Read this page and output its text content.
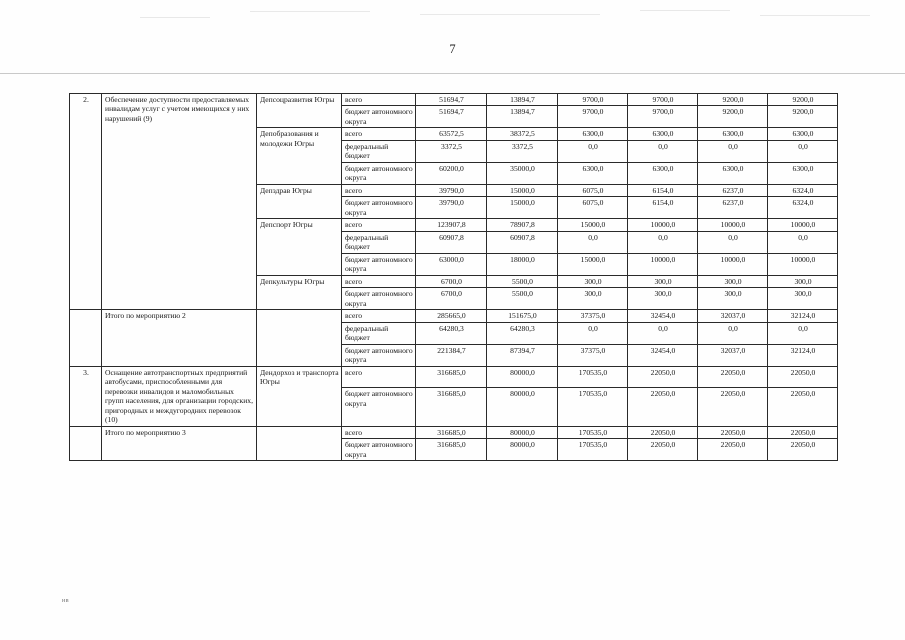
7
2.	Обеспечение доступности предоставляемых инвалидам услуг с учетом имеющихся у них нарушений (9)	Депсоцразвития Югры	всего	51694,7	13894,7	9700,0	9700,0	9200,0	9200,0
			бюджет автономного округа	51694,7	13894,7	9700,0	9700,0	9200,0	9200,0
		Депобразования и молодежи Югры	всего	63572,5	38372,5	6300,0	6300,0	6300,0	6300,0
			федеральный бюджет	3372,5	3372,5	0,0	0,0	0,0	0,0
			бюджет автономного округа	60200,0	35000,0	6300,0	6300,0	6300,0	6300,0
		Депздрав Югры	всего	39790,0	15000,0	6075,0	6154,0	6237,0	6324,0
			бюджет автономного округа	39790,0	15000,0	6075,0	6154,0	6237,0	6324,0
		Депспорт Югры	всего	123907,8	78907,8	15000,0	10000,0	10000,0	10000,0
			федеральный бюджет	60907,8	60907,8	0,0	0,0	0,0	0,0
			бюджет автономного округа	63000,0	18000,0	15000,0	10000,0	10000,0	10000,0
		Депкультуры Югры	всего	6700,0	5500,0	300,0	300,0	300,0	300,0
			бюджет автономного округа	6700,0	5500,0	300,0	300,0	300,0	300,0
	Итого по мероприятию 2		всего	285665,0	151675,0	37375,0	32454,0	32037,0	32124,0
			федеральный бюджет	64280,3	64280,3	0,0	0,0	0,0	0,0
			бюджет автономного округа	221384,7	87394,7	37375,0	32454,0	32037,0	32124,0
3.	Оснащение автотранспортных предприятий автобусами, приспособленными для перевозки инвалидов и маломобильных групп населения, для организации городских, пригородных и междугородних перевозок (10)	Дендорхоз и транспорта Югры	всего	316685,0	80000,0	170535,0	22050,0	22050,0	22050,0
			бюджет автономного округа	316685,0	80000,0	170535,0	22050,0	22050,0	22050,0
	Итого по мероприятию 3		всего	316685,0	80000,0	170535,0	22050,0	22050,0	22050,0
			бюджет автономного округа	316685,0	80000,0	170535,0	22050,0	22050,0	22050,0
нв
